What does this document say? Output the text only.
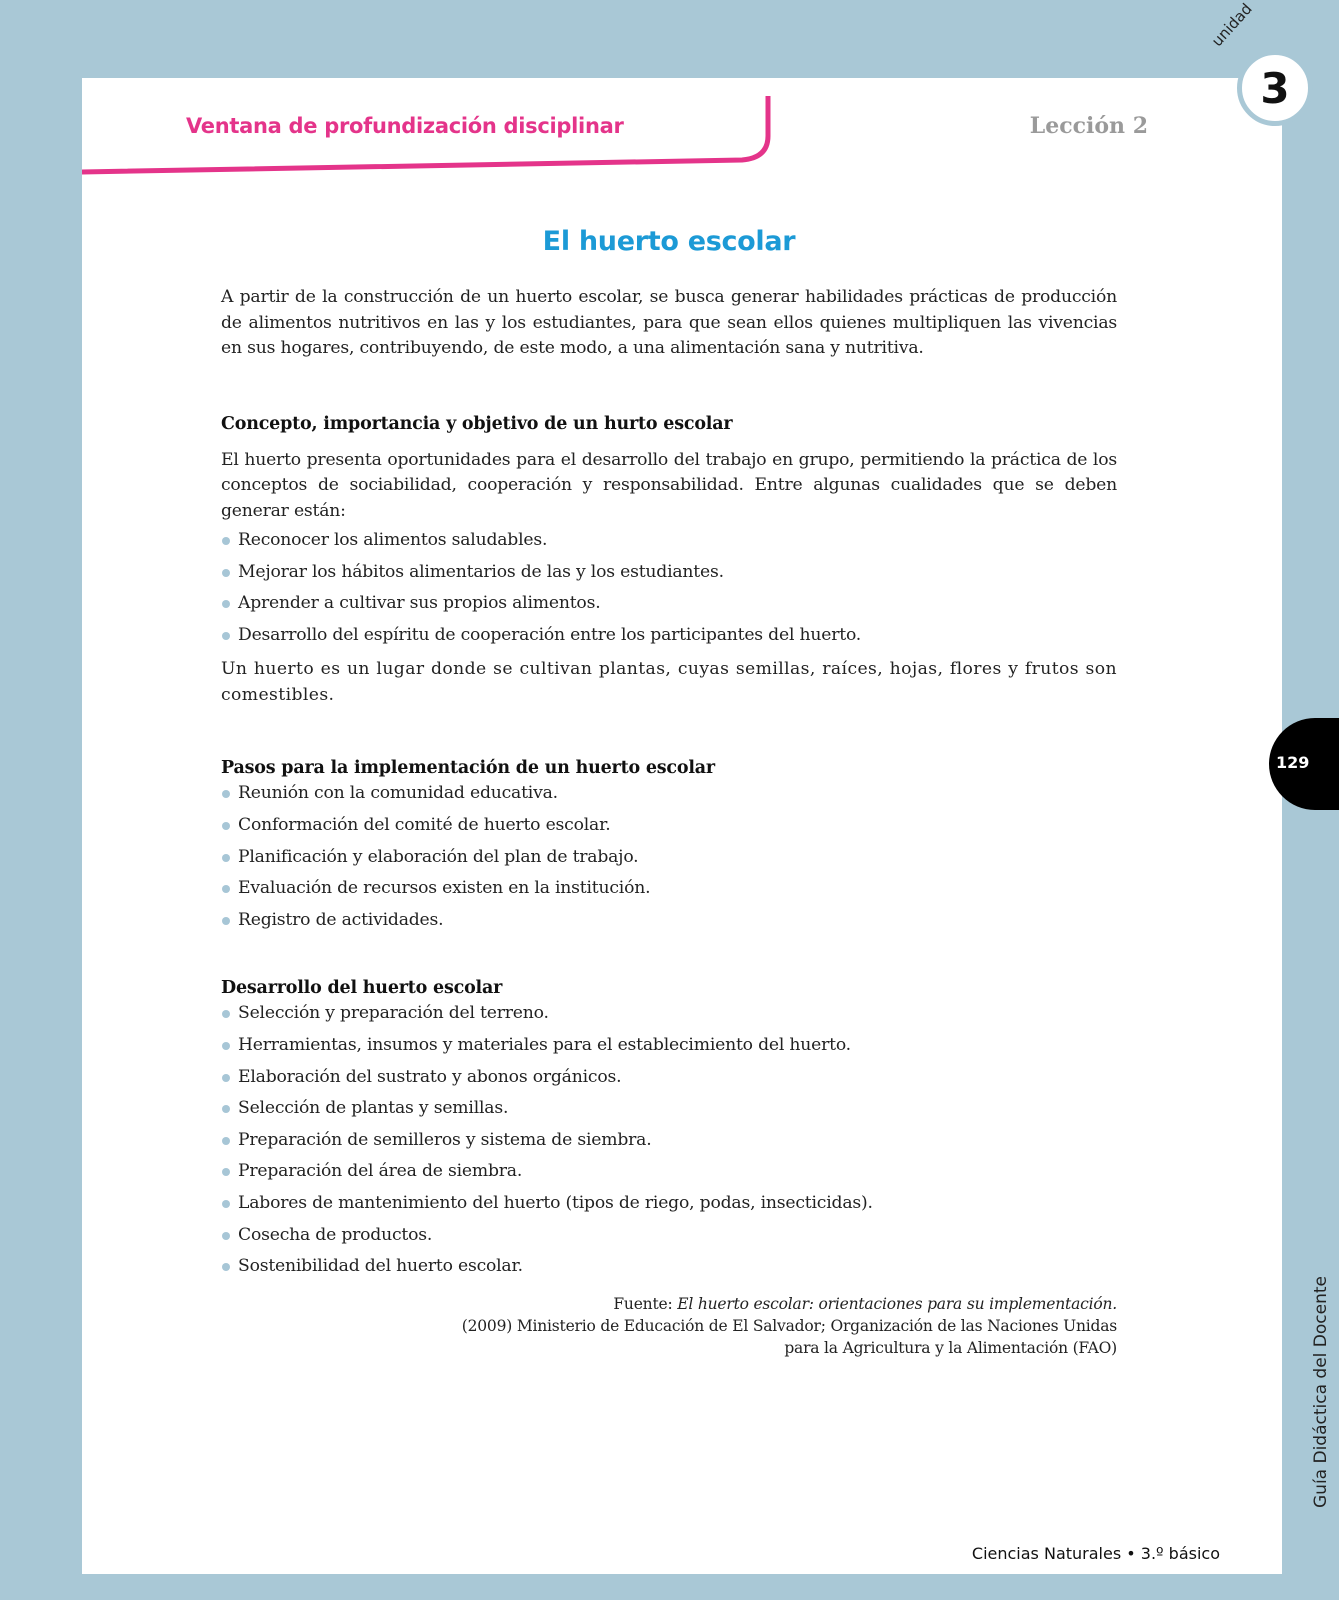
Ventana de profundización disciplinar	Lección 2
unidad
3
129
Guía Didáctica del Docente
Ciencias Naturales • 3.º básico
El huerto escolar

A partir de la construcción de un huerto escolar, se busca generar habilidades prácticas de producción de alimentos nutritivos en las y los estudiantes, para que sean ellos quienes multipliquen las vivencias en sus hogares, contribuyendo, de este modo, a una alimentación sana y nutritiva.

Concepto, importancia y objetivo de un hurto escolar

El huerto presenta oportunidades para el desarrollo del trabajo en grupo, permitiendo la práctica de los conceptos de sociabilidad, cooperación y responsabilidad. Entre algunas cualidades que se deben generar están:

Reconocer los alimentos saludables.
Mejorar los hábitos alimentarios de las y los estudiantes.
Aprender a cultivar sus propios alimentos.
Desarrollo del espíritu de cooperación entre los participantes del huerto.

Un huerto es un lugar donde se cultivan plantas, cuyas semillas, raíces, hojas, flores y frutos son comestibles.

Pasos para la implementación de un huerto escolar
Reunión con la comunidad educativa.
Conformación del comité de huerto escolar.
Planificación y elaboración del plan de trabajo.
Evaluación de recursos existen en la institución.
Registro de actividades.
Desarrollo del huerto escolar
Selección y preparación del terreno.
Herramientas, insumos y materiales para el establecimiento del huerto.
Elaboración del sustrato y abonos orgánicos.
Selección de plantas y semillas.
Preparación de semilleros y sistema de siembra.
Preparación del área de siembra.
Labores de mantenimiento del huerto (tipos de riego, podas, insecticidas).
Cosecha de productos.
Sostenibilidad del huerto escolar.
Fuente: El huerto escolar: orientaciones para su implementación.
(2009) Ministerio de Educación de El Salvador; Organización de las Naciones Unidas
para la Agricultura y la Alimentación (FAO)
